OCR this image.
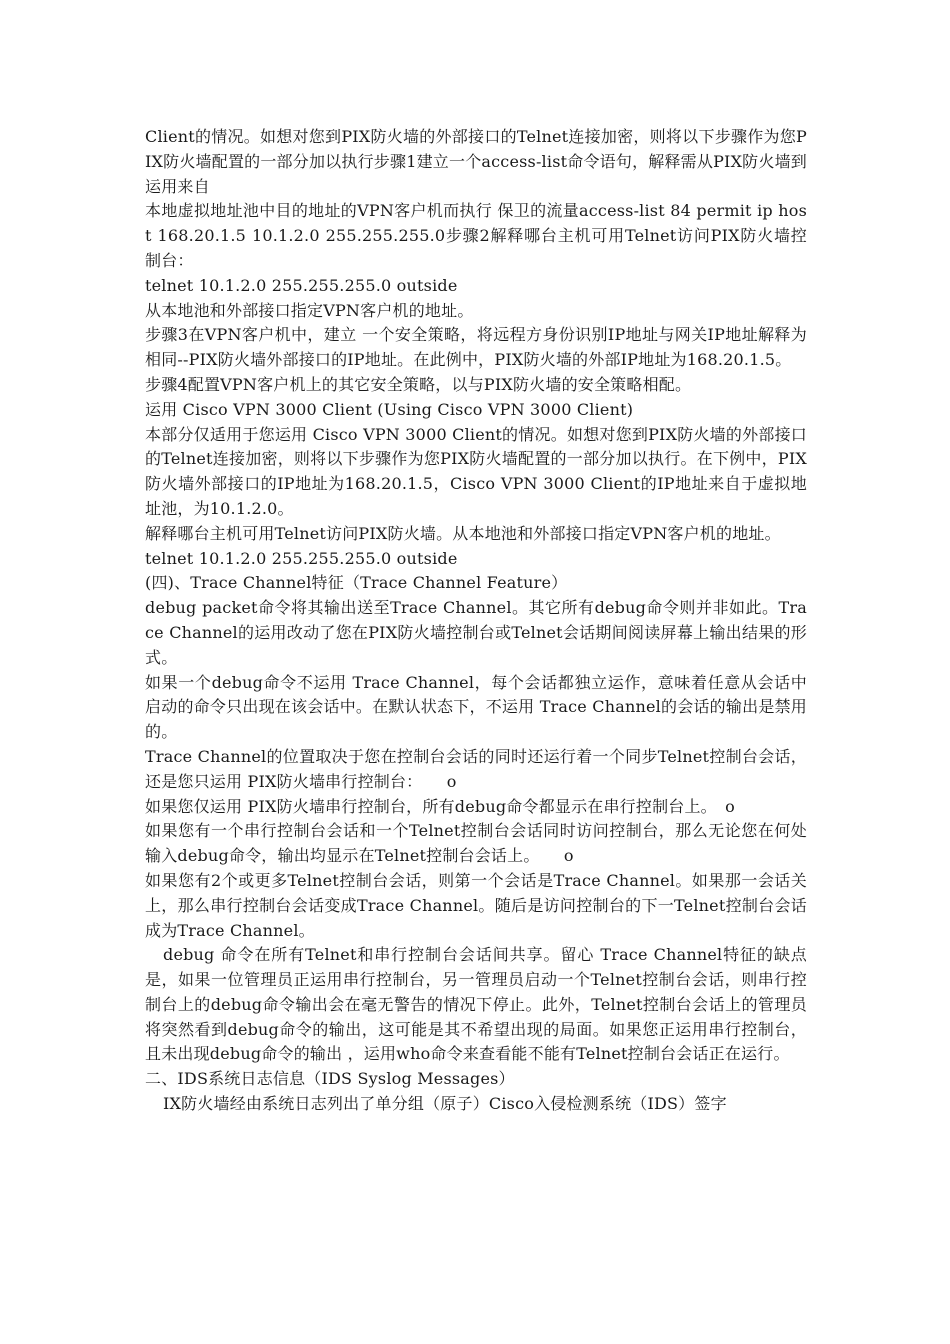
Client的情况。如想对您到PIX防火墙的外部接口的Telnet连接加密，则将以下步骤作为您PIX防火墙配置的一部分加以执行步骤1建立一个access-list命令语句，解释需从PIX防火墙到运用来自

本地虚拟地址池中目的地址的VPN客户机而执行 保卫的流量access-list 84 permit ip host 168.20.1.5 10.1.2.0 255.255.255.0步骤2解释哪台主机可用Telnet访问PIX防火墙控制台：

telnet 10.1.2.0 255.255.255.0 outside

从本地池和外部接口指定VPN客户机的地址。

步骤3在VPN客户机中，建立 一个安全策略，将远程方身份识别IP地址与网关IP地址解释为相同--PIX防火墙外部接口的IP地址。在此例中，PIX防火墙的外部IP地址为168.20.1.5。

步骤4配置VPN客户机上的其它安全策略，以与PIX防火墙的安全策略相配。

运用 Cisco VPN 3000 Client (Using Cisco VPN 3000 Client)

本部分仅适用于您运用 Cisco VPN 3000 Client的情况。如想对您到PIX防火墙的外部接口的Telnet连接加密，则将以下步骤作为您PIX防火墙配置的一部分加以执行。在下例中，PIX防火墙外部接口的IP地址为168.20.1.5，Cisco VPN 3000 Client的IP地址来自于虚拟地址池，为10.1.2.0。

解释哪台主机可用Telnet访问PIX防火墙。从本地池和外部接口指定VPN客户机的地址。

telnet 10.1.2.0 255.255.255.0 outside

(四)、Trace Channel特征（Trace Channel Feature）

debug packet命令将其输出送至Trace Channel。其它所有debug命令则并非如此。Trace Channel的运用改动了您在PIX防火墙控制台或Telnet会话期间阅读屏幕上输出结果的形式。

如果一个debug命令不运用 Trace Channel，每个会话都独立运作，意味着任意从会话中启动的命令只出现在该会话中。在默认状态下，不运用 Trace Channel的会话的输出是禁用的。

Trace Channel的位置取决于您在控制台会话的同时还运行着一个同步Telnet控制台会话，还是您只运用 PIX防火墙串行控制台：　　o

如果您仅运用 PIX防火墙串行控制台，所有debug命令都显示在串行控制台上。　o

如果您有一个串行控制台会话和一个Telnet控制台会话同时访问控制台，那么无论您在何处输入debug命令，输出均显示在Telnet控制台会话上。　　o

如果您有2个或更多Telnet控制台会话，则第一个会话是Trace Channel。如果那一会话关上，那么串行控制台会话变成Trace Channel。随后是访问控制台的下一Telnet控制台会话成为Trace Channel。

debug 命令在所有Telnet和串行控制台会话间共享。留心 Trace Channel特征的缺点是，如果一位管理员正运用串行控制台，另一管理员启动一个Telnet控制台会话，则串行控制台上的debug命令输出会在毫无警告的情况下停止。此外，Telnet控制台会话上的管理员将突然看到debug命令的输出，这可能是其不希望出现的局面。如果您正运用串行控制台，且未出现debug命令的输出 ，运用who命令来查看能不能有Telnet控制台会话正在运行。

二、IDS系统日志信息（IDS Syslog Messages）

IX防火墙经由系统日志列出了单分组（原子）Cisco入侵检测系统（IDS）签字
